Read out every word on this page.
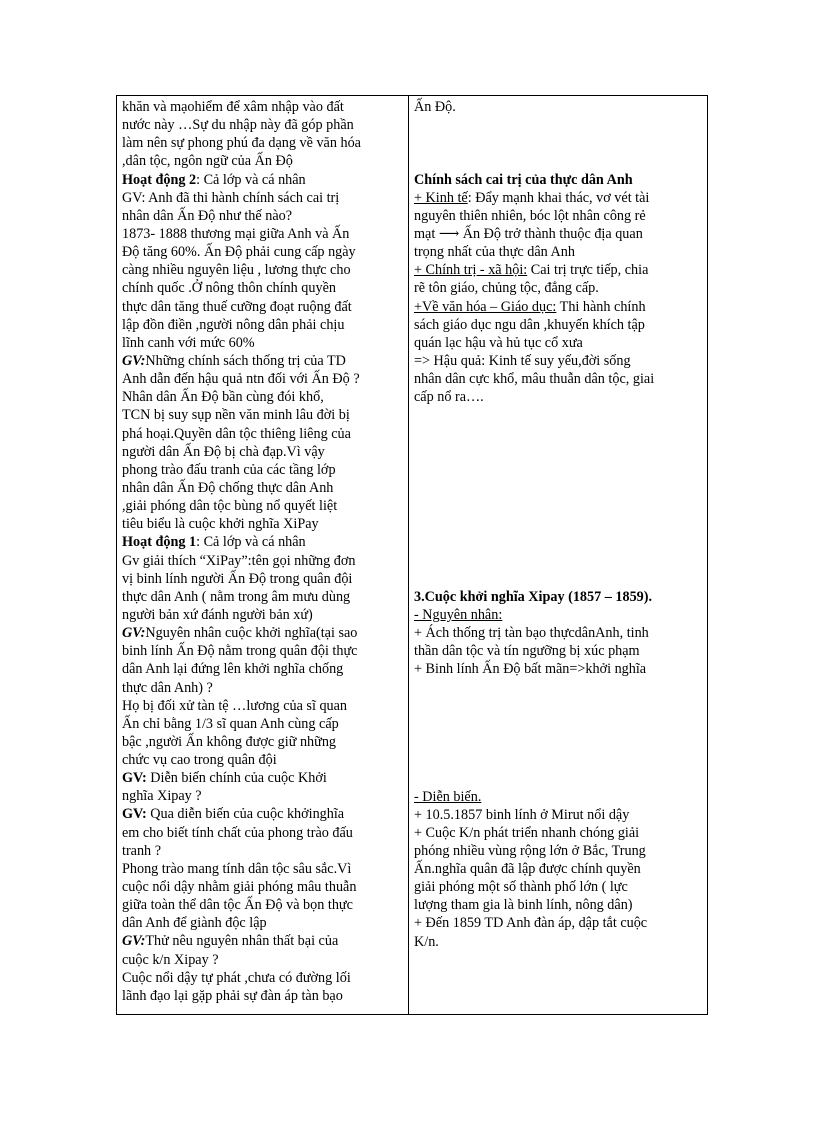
khăn và mạohiểm để xâm nhập vào đất
nước này …Sự du nhập này đã góp phần
làm nên sự phong phú đa dạng về văn hóa
,dân tộc, ngôn ngữ của Ấn Độ
Hoạt động 2: Cả lớp và cá nhân
GV: Anh đã thi hành chính sách cai trị
nhân dân Ấn Độ như thế nào?
1873- 1888 thương mại giữa Anh và Ấn
Độ tăng 60%. Ấn Độ phải cung cấp ngày
càng nhiều nguyên liệu , lương thực cho
chính quốc .Ở nông thôn chính quyền
thực dân tăng thuế cưỡng đoạt ruộng đất
lập đồn điền ,người nông dân phải chịu
lĩnh canh với mức 60%
GV:Những chính sách thống trị của TD
Anh dẫn đến hậu quả ntn đối với Ấn Độ ?
Nhân dân Ấn Độ bần cùng đói khổ,
TCN bị suy sụp nền văn minh lâu đời bị
phá hoại.Quyền dân tộc thiêng liêng của
người dân Ấn Độ bị chà đạp.Vì vậy
phong trào đấu tranh của các tầng lớp
nhân dân Ấn Độ chống thực dân Anh
,giải phóng dân tộc bùng nổ quyết liệt
tiêu biểu là cuộc khởi nghĩa XiPay
Hoạt động 1: Cả lớp và cá nhân
Gv giải thích “XiPay”:tên gọi những đơn
vị binh lính người Ấn Độ trong quân đội
thực dân Anh ( nằm trong âm mưu dùng
người bản xứ đánh người bản xứ)
GV:Nguyên nhân cuộc khởi nghĩa(tại sao
binh lính Ấn Độ nằm trong quân đội thực
dân Anh lại đứng lên khởi nghĩa chống
thực dân Anh) ?
Họ bị đối xử tàn tệ …lương của sĩ quan
Ấn chỉ bằng 1/3 sĩ quan Anh cùng cấp
bậc ,người Ấn không được giữ những
chức vụ cao trong quân đội
GV: Diễn biến chính của cuộc Khởi
nghĩa Xipay ?
GV: Qua diễn biến của cuộc khởinghĩa
em cho biết tính chất của phong trào đấu
tranh ?
Phong trào mang tính dân tộc sâu sắc.Vì
cuộc nổi dậy nhằm giải phóng mâu thuẫn
giữa toàn thể dân tộc Ấn Độ và bọn thực
dân Anh để giành độc lập
GV:Thử nêu nguyên nhân thất bại của
cuộc k/n Xipay ?
Cuộc nổi dậy tự phát ,chưa có đường lối
lãnh đạo lại gặp phải sự đàn áp tàn bạo
Ấn Độ.
Chính sách cai trị của thực dân Anh
+ Kinh tế: Đẩy mạnh khai thác, vơ vét tài
nguyên thiên nhiên, bóc lột nhân công rẻ
mạt ⟶ Ấn Độ trở thành thuộc địa quan
trọng nhất của thực dân Anh
+ Chính trị - xã hội: Cai trị trực tiếp, chia
rẽ tôn giáo, chủng tộc, đẳng cấp.
+Về văn hóa – Giáo dục: Thi hành chính
sách giáo dục ngu dân ,khuyến khích tập
quán lạc hậu và hủ tục cổ xưa
=> Hậu quả: Kinh tế suy yếu,đời sống
nhân dân cực khổ, mâu thuẫn dân tộc, giai
cấp nổ ra….
3.Cuộc khởi nghĩa Xipay (1857 – 1859).
- Nguyên nhân:
+ Ách thống trị tàn bạo thựcdânAnh, tinh
thần dân tộc và tín ngưỡng bị xúc phạm
+ Binh lính Ấn Độ bất mãn=>khởi nghĩa
- Diễn biến.
+ 10.5.1857 binh lính ở Mirut nổi dậy
+ Cuộc K/n phát triển nhanh chóng giải
phóng nhiều vùng rộng lớn ở Bắc, Trung
Ấn.nghĩa quân đã lập được chính quyền
giải phóng một số thành phố lớn ( lực
lượng tham gia là binh lính, nông dân)
+ Đến 1859 TD Anh đàn áp, dập tắt cuộc
K/n.
